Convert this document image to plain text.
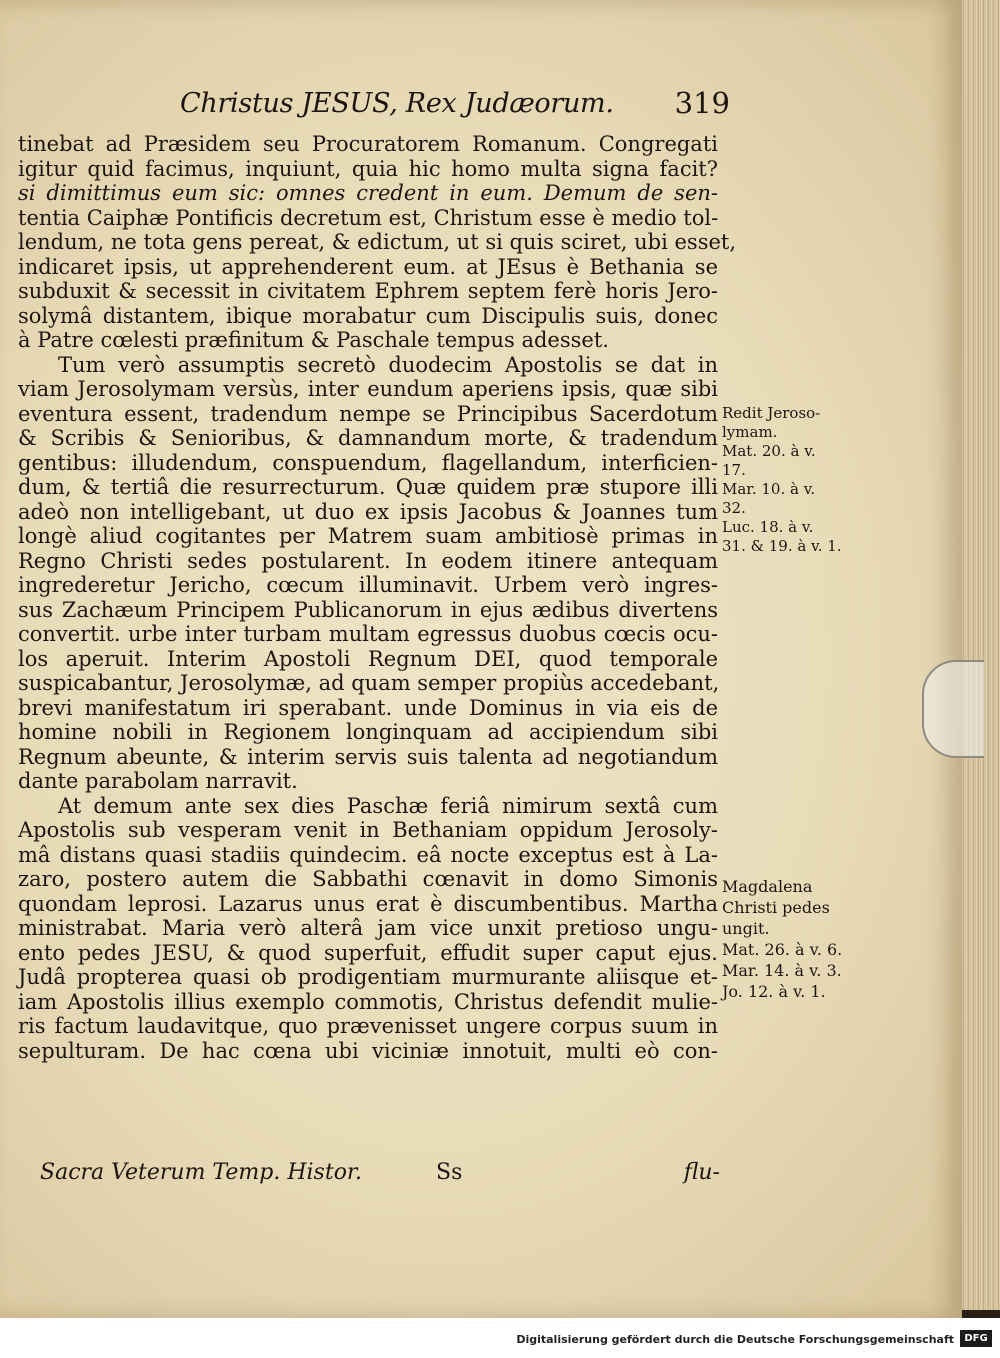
Christus JESUS, Rex Judæorum. 319
tinebat ad Præsidem seu Procuratorem Romanum. Congregati
igitur quid facimus, inquiunt, quia hic homo multa signa facit?
si dimittimus eum sic: omnes credent in eum. Demum de sen-
tentia Caiphæ Pontificis decretum est, Christum esse è medio tol-
lendum, ne tota gens pereat, & edictum, ut si quis sciret, ubi esset,
indicaret ipsis, ut apprehenderent eum. at JEsus è Bethania se
subduxit & secessit in civitatem Ephrem septem ferè horis Jero-
solymâ distantem, ibique morabatur cum Discipulis suis, donec
à Patre cœlesti præfinitum & Paschale tempus adesset.
Tum verò assumptis secretò duodecim Apostolis se dat in
viam Jerosolymam versùs, inter eundum aperiens ipsis, quæ sibi
eventura essent, tradendum nempe se Principibus Sacerdotum
& Scribis & Senioribus, & damnandum morte, & tradendum
gentibus: illudendum, conspuendum, flagellandum, interficien-
dum, & tertiâ die resurrecturum. Quæ quidem præ stupore illi
adeò non intelligebant, ut duo ex ipsis Jacobus & Joannes tum
longè aliud cogitantes per Matrem suam ambitiosè primas in
Regno Christi sedes postularent. In eodem itinere antequam
ingrederetur Jericho, cœcum illuminavit. Urbem verò ingres-
sus Zachæum Principem Publicanorum in ejus ædibus divertens
convertit. urbe inter turbam multam egressus duobus cœcis ocu-
los aperuit. Interim Apostoli Regnum DEI, quod temporale
suspicabantur, Jerosolymæ, ad quam semper propiùs accedebant,
brevi manifestatum iri sperabant. unde Dominus in via eis de
homine nobili in Regionem longinquam ad accipiendum sibi
Regnum abeunte, & interim servis suis talenta ad negotiandum
dante parabolam narravit.
At demum ante sex dies Paschæ feriâ nimirum sextâ cum
Apostolis sub vesperam venit in Bethaniam oppidum Jerosoly-
mâ distans quasi stadiis quindecim. eâ nocte exceptus est à La-
zaro, postero autem die Sabbathi cœnavit in domo Simonis
quondam leprosi. Lazarus unus erat è discumbentibus. Martha
ministrabat. Maria verò alterâ jam vice unxit pretioso ungu-
ento pedes JESU, & quod superfuit, effudit super caput ejus.
Judâ propterea quasi ob prodigentiam murmurante aliisque et-
iam Apostolis illius exemplo commotis, Christus defendit mulie-
ris factum laudavitque, quo prævenisset ungere corpus suum in
sepulturam. De hac cœna ubi viciniæ innotuit, multi eò con-
Redit Jeroso-
lymam.
Mat. 20. à v.
17.
Mar. 10. à v.
32.
Luc. 18. à v.
31. & 19. à v. 1.
Magdalena
Christi pedes
ungit.
Mat. 26. à v. 6.
Mar. 14. à v. 3.
Jo. 12. à v. 1.
Sacra Veterum Temp. Histor.	Ss	flu-
Digitalisierung gefördert durch die Deutsche Forschungsgemeinschaft	DFG
